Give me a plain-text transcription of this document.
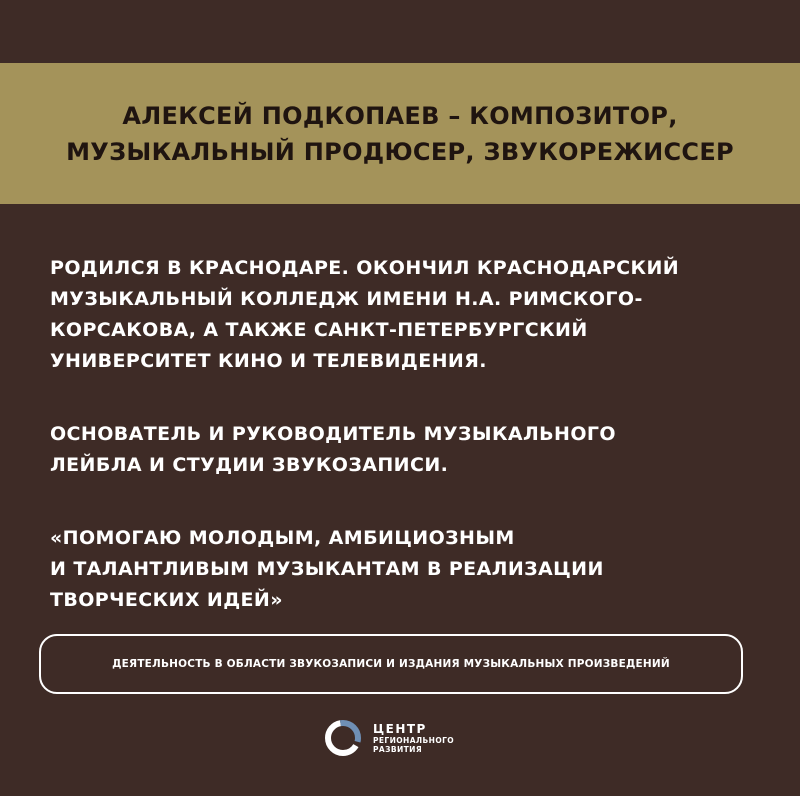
АЛЕКСЕЙ ПОДКОПАЕВ – КОМПОЗИТОР,
МУЗЫКАЛЬНЫЙ ПРОДЮСЕР, ЗВУКОРЕЖИССЕР
РОДИЛСЯ В КРАСНОДАРЕ. ОКОНЧИЛ КРАСНОДАРСКИЙ
МУЗЫКАЛЬНЫЙ КОЛЛЕДЖ ИМЕНИ Н.А. РИМСКОГО-
КОРСАКОВА, А ТАКЖЕ САНКТ-ПЕТЕРБУРГСКИЙ
УНИВЕРСИТЕТ КИНО И ТЕЛЕВИДЕНИЯ.
ОСНОВАТЕЛЬ И РУКОВОДИТЕЛЬ МУЗЫКАЛЬНОГО
ЛЕЙБЛА И СТУДИИ ЗВУКОЗАПИСИ.
«ПОМОГАЮ МОЛОДЫМ, АМБИЦИОЗНЫМ
И ТАЛАНТЛИВЫМ МУЗЫКАНТАМ В РЕАЛИЗАЦИИ
ТВОРЧЕСКИХ ИДЕЙ»
ДЕЯТЕЛЬНОСТЬ В ОБЛАСТИ ЗВУКОЗАПИСИ И ИЗДАНИЯ МУЗЫКАЛЬНЫХ ПРОИЗВЕДЕНИЙ
ЦЕНТР
РЕГИОНАЛЬНОГО
РАЗВИТИЯ
